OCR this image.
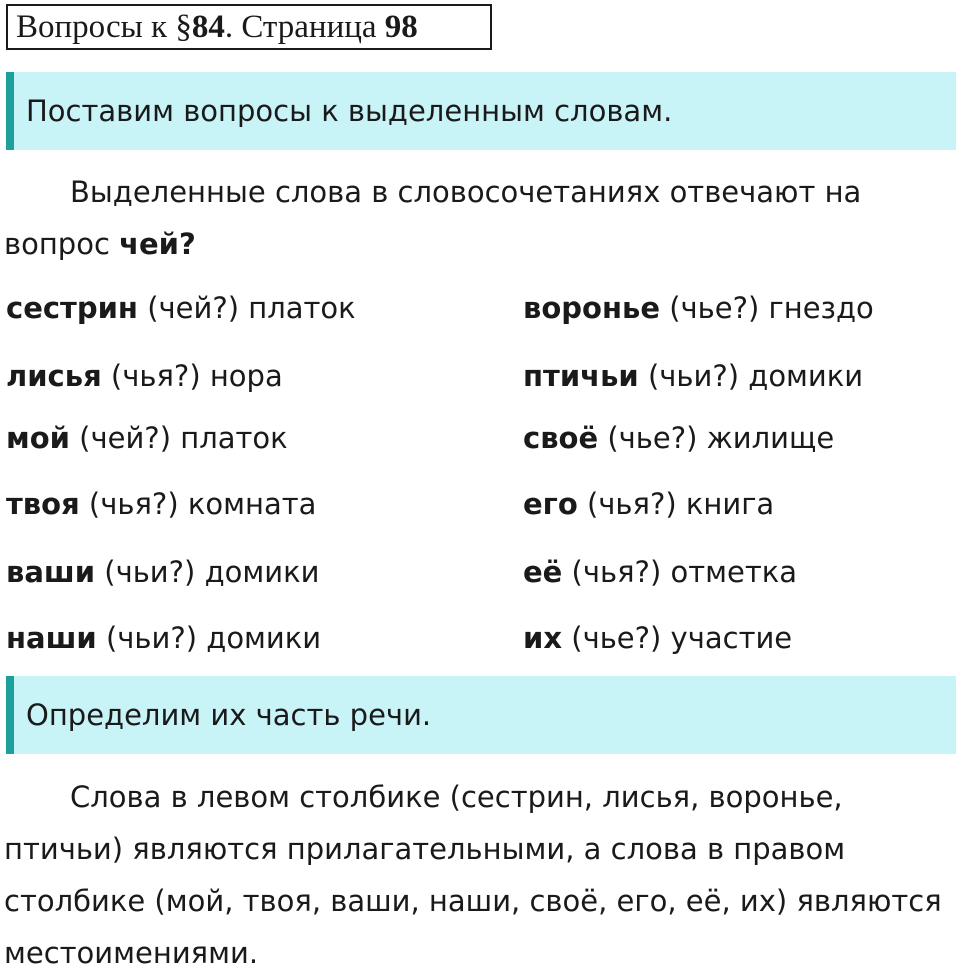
Вопросы к §84. Страница 98
Поставим вопросы к выделенным словам.

Выделенные слова в словосочетаниях отвечают на вопрос чей?

сестрин (чей?) платок	воронье (чье?) гнездо
лисья (чья?) нора	птичьи (чьи?) домики
мой (чей?) платок	своё (чье?) жилище
твоя (чья?) комната	его (чья?) книга
ваши (чьи?) домики	её (чья?) отметка
наши (чьи?) домики	их (чье?) участие
Определим их часть речи.

Слова в левом столбике (сестрин, лисья, воронье, птичьи) являются прилагательными, а слова в правом столбике (мой, твоя, ваши, наши, своё, его, её, их) являются местоимениями.
